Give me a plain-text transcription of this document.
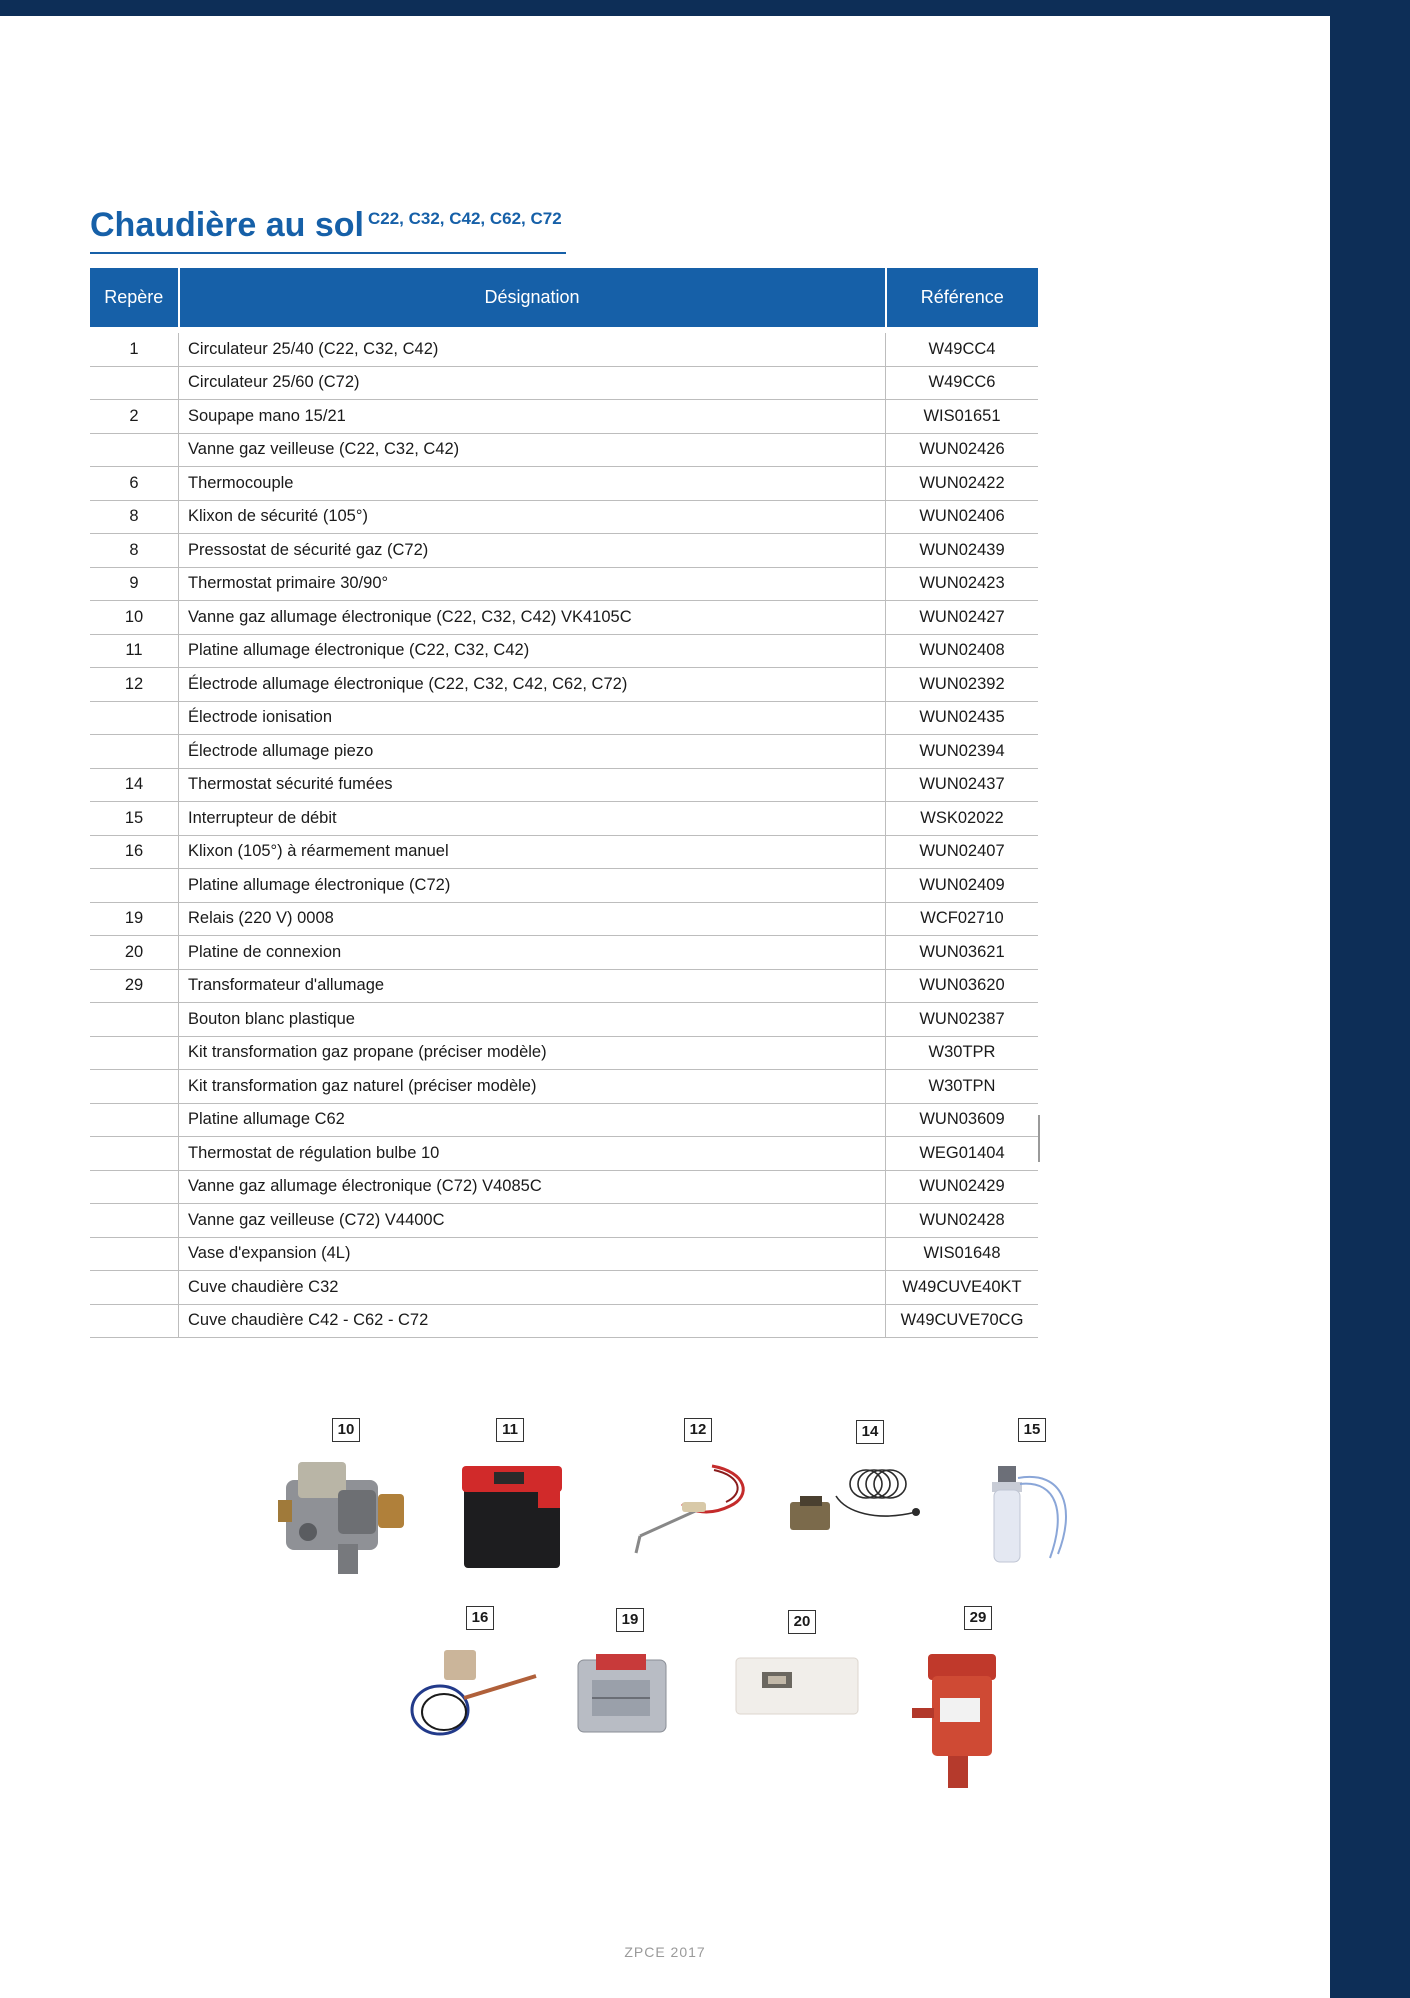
PIÈCES DÉTACHÉES
Chaudière au sol $^{C22, C32, C42, C62, C72}$
Repère	Désignation	Référence
1	Circulateur 25/40 (C22, C32, C42)	W49CC4
	Circulateur 25/60 (C72)	W49CC6
2	Soupape mano 15/21	WIS01651
	Vanne gaz veilleuse (C22, C32, C42)	WUN02426
6	Thermocouple	WUN02422
8	Klixon de sécurité (105°)	WUN02406
8	Pressostat de sécurité gaz (C72)	WUN02439
9	Thermostat primaire 30/90°	WUN02423
10	Vanne gaz allumage électronique (C22, C32, C42) VK4105C	WUN02427
11	Platine allumage électronique (C22, C32, C42)	WUN02408
12	Électrode allumage électronique (C22, C32, C42, C62, C72)	WUN02392
	Électrode ionisation	WUN02435
	Électrode allumage piezo	WUN02394
14	Thermostat sécurité fumées	WUN02437
15	Interrupteur de débit	WSK02022
16	Klixon (105°) à réarmement manuel	WUN02407
	Platine allumage électronique (C72)	WUN02409
19	Relais (220 V) 0008	WCF02710
20	Platine de connexion	WUN03621
29	Transformateur d'allumage	WUN03620
	Bouton blanc plastique	WUN02387
	Kit transformation gaz propane (préciser modèle)	W30TPR
	Kit transformation gaz naturel (préciser modèle)	W30TPN
	Platine allumage C62	WUN03609
	Thermostat de régulation bulbe 10	WEG01404
	Vanne gaz allumage électronique (C72) V4085C	WUN02429
	Vanne gaz veilleuse (C72) V4400C	WUN02428
	Vase d'expansion (4L)	WIS01648
	Cuve chaudière C32	W49CUVE40KT
	Cuve chaudière C42 - C62 - C72	W49CUVE70CG
10	11	12	14	15
16	19	20	29
ZPCE 2017
